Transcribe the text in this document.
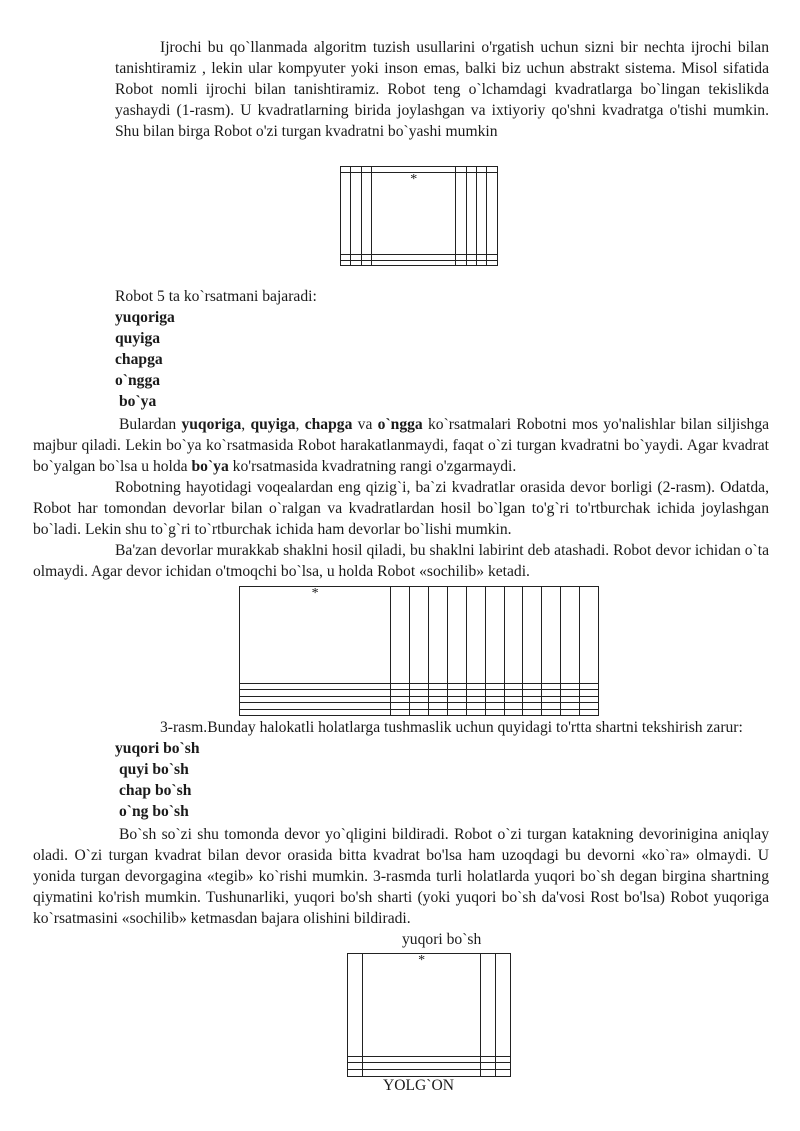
Ijrochi bu qo`llanmada algoritm tuzish usullarini o'rgatish uchun sizni bir nechta ijrochi bilan tanishtiramiz , lekin ular kompyuter yoki inson emas, balki biz uchun abstrakt sistema. Misol sifatida Robot nomli ijrochi bilan tanishtiramiz. Robot teng o`lchamdagi kvadratlarga bo`lingan tekislikda yashaydi (1-rasm). U kvadratlarning birida joylashgan va ixtiyoriy qo'shni kvadratga o'tishi mumkin. Shu bilan birga Robot o'zi turgan kvadratni bo`yashi mumkin

			*				

Robot 5 ta ko`rsatmani bajaradi:
yuqoriga
quyiga
chapga
o`ngga
bo`ya

Bulardan yuqoriga, quyiga, chapga va o`ngga ko`rsatmalari Robotni mos yo'nalishlar bilan siljishga majbur qiladi. Lekin bo`ya ko`rsatmasida Robot harakatlanmaydi, faqat o`zi turgan kvadratni bo`yaydi. Agar kvadrat bo`yalgan bo`lsa u holda bo`ya ko'rsatmasida kvadratning rangi o'zgarmaydi.

Robotning hayotidagi voqealardan eng qizig`i, ba`zi kvadratlar orasida devor borligi (2-rasm). Odatda, Robot har tomondan devorlar bilan o`ralgan va kvadratlardan hosil bo`lgan to'g`ri to'rtburchak ichida joylashgan bo`ladi. Lekin shu to`g`ri to`rtburchak ichida ham devorlar bo`lishi mumkin.

Ba'zan devorlar murakkab shaklni hosil qiladi, bu shaklni labirint deb atashadi. Robot devor ichidan o`ta olmaydi. Agar devor ichidan o'tmoqchi bo`lsa, u holda Robot «sochilib» ketadi.

*											

3-rasm.Bunday halokatli holatlarga tushmaslik uchun quyidagi to'rtta shartni tekshirish zarur:
yuqori bo`sh
quyi bo`sh
chap bo`sh
o`ng bo`sh

Bo`sh so`zi shu tomonda devor yo`qligini bildiradi. Robot o`zi turgan katakning devorinigina aniqlay oladi. O`zi turgan kvadrat bilan devor orasida bitta kvadrat bo'lsa ham uzoqdagi bu devorni «ko`ra» olmaydi. U yonida turgan devorgagina «tegib» ko`rishi mumkin. 3-rasmda turli holatlarda yuqori bo`sh degan birgina shartning qiymatini ko'rish mumkin. Tushunarliki, yuqori bo'sh sharti (yoki yuqori bo`sh da'vosi Rost bo'lsa) Robot yuqoriga ko`rsatmasini «sochilib» ketmasdan bajara olishini bildiradi.

yuqori bo`sh
	*		

YOLG`ON
